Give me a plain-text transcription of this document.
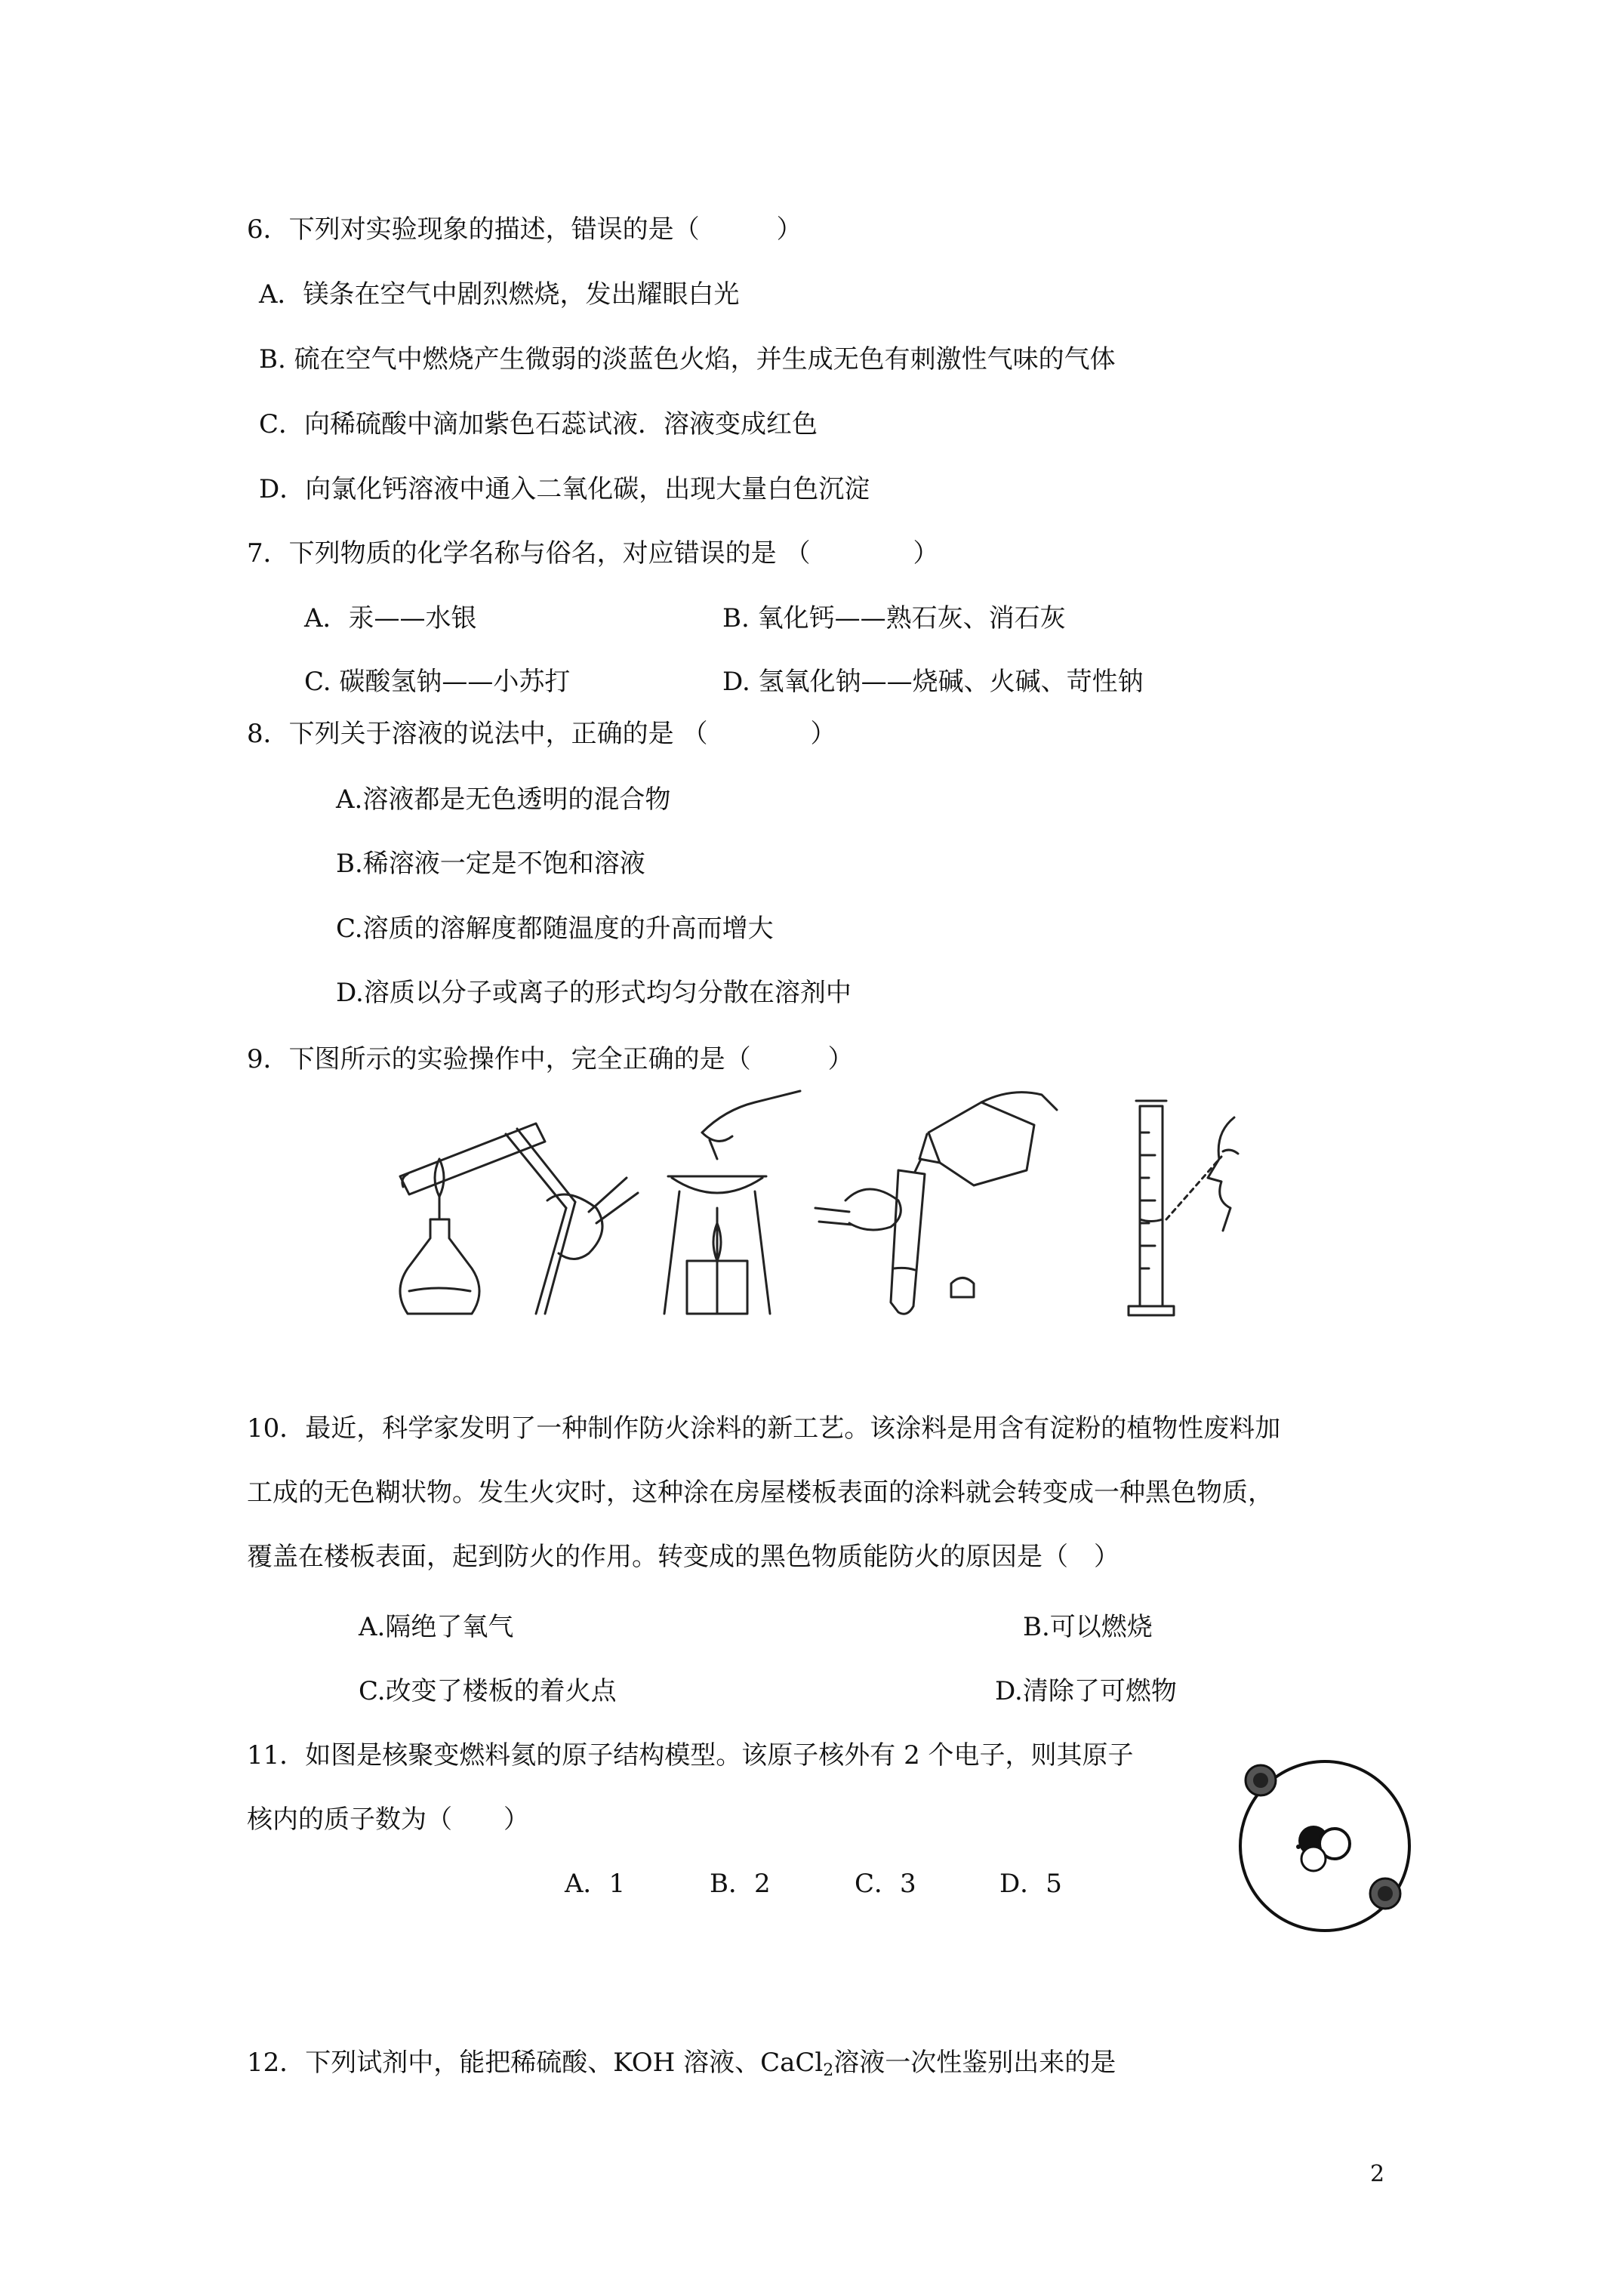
6．下列对实验现象的描述，错误的是（　　　）
A．镁条在空气中剧烈燃烧，发出耀眼白光
B. 硫在空气中燃烧产生微弱的淡蓝色火焰，并生成无色有刺激性气味的气体
C．向稀硫酸中滴加紫色石蕊试液．溶液变成红色
D．向氯化钙溶液中通入二氧化碳，出现大量白色沉淀
7．下列物质的化学名称与俗名，对应错误的是 （　　　　）
A．汞——水银	B. 氧化钙——熟石灰、消石灰
C. 碳酸氢钠——小苏打	D. 氢氧化钠——烧碱、火碱、苛性钠
8．下列关于溶液的说法中，正确的是 （　　　　）
A.溶液都是无色透明的混合物
B.稀溶液一定是不饱和溶液
C.溶质的溶解度都随温度的升高而增大
D.溶质以分子或离子的形式均匀分散在溶剂中
9．下图所示的实验操作中，完全正确的是（　　　）
10．最近，科学家发明了一种制作防火涂料的新工艺。该涂料是用含有淀粉的植物性废料加
工成的无色糊状物。发生火灾时，这种涂在房屋楼板表面的涂料就会转变成一种黑色物质，
覆盖在楼板表面，起到防火的作用。转变成的黑色物质能防火的原因是（　）
A.隔绝了氧气	B.可以燃烧
C.改变了楼板的着火点	D.清除了可燃物
11．如图是核聚变燃料氦的原子结构模型。该原子核外有 2 个电子，则其原子
核内的质子数为（　　）
A．1	B．2	C．3	D．5
12．下列试剂中，能把稀硫酸、KOH 溶液、CaCl$_2$溶液一次性鉴别出来的是
2
